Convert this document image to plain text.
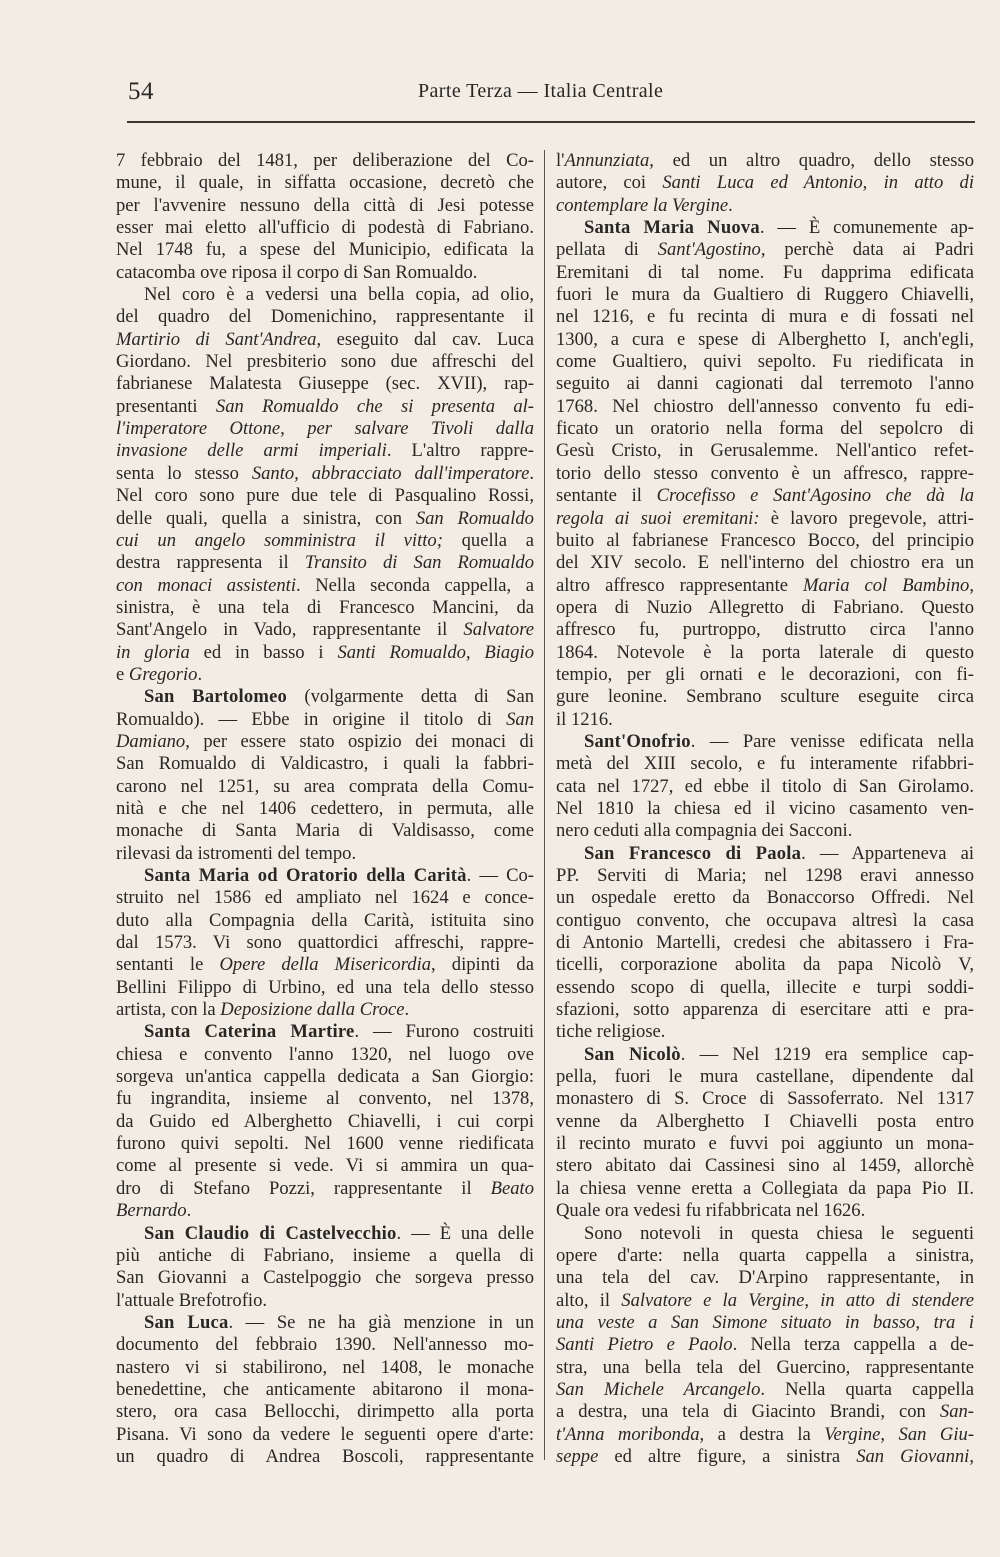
54	Parte Terza — Italia Centrale

7 febbraio del 1481, per deliberazione del Co-

mune, il quale, in siffatta occasione, decretò che

per l'avvenire nessuno della città di Jesi potesse

esser mai eletto all'ufficio di podestà di Fabriano.

Nel 1748 fu, a spese del Municipio, edificata la

catacomba ove riposa il corpo di San Romualdo.

Nel coro è a vedersi una bella copia, ad olio,

del quadro del Domenichino, rappresentante il

Martirio di Sant'Andrea, eseguito dal cav. Luca

Giordano. Nel presbiterio sono due affreschi del

fabrianese Malatesta Giuseppe (sec. XVII), rap-

presentanti San Romualdo che si presenta al-

l'imperatore Ottone, per salvare Tivoli dalla

invasione delle armi imperiali. L'altro rappre-

senta lo stesso Santo, abbracciato dall'imperatore.

Nel coro sono pure due tele di Pasqualino Rossi,

delle quali, quella a sinistra, con San Romualdo

cui un angelo somministra il vitto; quella a

destra rappresenta il Transito di San Romualdo

con monaci assistenti. Nella seconda cappella, a

sinistra, è una tela di Francesco Mancini, da

Sant'Angelo in Vado, rappresentante il Salvatore

in gloria ed in basso i Santi Romualdo, Biagio

e Gregorio.

San Bartolomeo (volgarmente detta di San

Romualdo). — Ebbe in origine il titolo di San

Damiano, per essere stato ospizio dei monaci di

San Romualdo di Valdicastro, i quali la fabbri-

carono nel 1251, su area comprata della Comu-

nità e che nel 1406 cedettero, in permuta, alle

monache di Santa Maria di Valdisasso, come

rilevasi da istromenti del tempo.

Santa Maria od Oratorio della Carità. — Co-

struito nel 1586 ed ampliato nel 1624 e conce-

duto alla Compagnia della Carità, istituita sino

dal 1573. Vi sono quattordici affreschi, rappre-

sentanti le Opere della Misericordia, dipinti da

Bellini Filippo di Urbino, ed una tela dello stesso

artista, con la Deposizione dalla Croce.

Santa Caterina Martire. — Furono costruiti

chiesa e convento l'anno 1320, nel luogo ove

sorgeva un'antica cappella dedicata a San Giorgio:

fu ingrandita, insieme al convento, nel 1378,

da Guido ed Alberghetto Chiavelli, i cui corpi

furono quivi sepolti. Nel 1600 venne riedificata

come al presente si vede. Vi si ammira un qua-

dro di Stefano Pozzi, rappresentante il Beato

Bernardo.

San Claudio di Castelvecchio. — È una delle

più antiche di Fabriano, insieme a quella di

San Giovanni a Castelpoggio che sorgeva presso

l'attuale Brefotrofio.

San Luca. — Se ne ha già menzione in un

documento del febbraio 1390. Nell'annesso mo-

nastero vi si stabilirono, nel 1408, le monache

benedettine, che anticamente abitarono il mona-

stero, ora casa Bellocchi, dirimpetto alla porta

Pisana. Vi sono da vedere le seguenti opere d'arte:

un quadro di Andrea Boscoli, rappresentante

l'Annunziata, ed un altro quadro, dello stesso

autore, coi Santi Luca ed Antonio, in atto di

contemplare la Vergine.

Santa Maria Nuova. — È comunemente ap-

pellata di Sant'Agostino, perchè data ai Padri

Eremitani di tal nome. Fu dapprima edificata

fuori le mura da Gualtiero di Ruggero Chiavelli,

nel 1216, e fu recinta di mura e di fossati nel

1300, a cura e spese di Alberghetto I, anch'egli,

come Gualtiero, quivi sepolto. Fu riedificata in

seguito ai danni cagionati dal terremoto l'anno

1768. Nel chiostro dell'annesso convento fu edi-

ficato un oratorio nella forma del sepolcro di

Gesù Cristo, in Gerusalemme. Nell'antico refet-

torio dello stesso convento è un affresco, rappre-

sentante il Crocefisso e Sant'Agosino che dà la

regola ai suoi eremitani: è lavoro pregevole, attri-

buito al fabrianese Francesco Bocco, del principio

del XIV secolo. E nell'interno del chiostro era un

altro affresco rappresentante Maria col Bambino,

opera di Nuzio Allegretto di Fabriano. Questo

affresco fu, purtroppo, distrutto circa l'anno

1864. Notevole è la porta laterale di questo

tempio, per gli ornati e le decorazioni, con fi-

gure leonine. Sembrano sculture eseguite circa

il 1216.

Sant'Onofrio. — Pare venisse edificata nella

metà del XIII secolo, e fu interamente rifabbri-

cata nel 1727, ed ebbe il titolo di San Girolamo.

Nel 1810 la chiesa ed il vicino casamento ven-

nero ceduti alla compagnia dei Sacconi.

San Francesco di Paola. — Apparteneva ai

PP. Serviti di Maria; nel 1298 eravi annesso

un ospedale eretto da Bonaccorso Offredi. Nel

contiguo convento, che occupava altresì la casa

di Antonio Martelli, credesi che abitassero i Fra-

ticelli, corporazione abolita da papa Nicolò V,

essendo scopo di quella, illecite e turpi soddi-

sfazioni, sotto apparenza di esercitare atti e pra-

tiche religiose.

San Nicolò. — Nel 1219 era semplice cap-

pella, fuori le mura castellane, dipendente dal

monastero di S. Croce di Sassoferrato. Nel 1317

venne da Alberghetto I Chiavelli posta entro

il recinto murato e fuvvi poi aggiunto un mona-

stero abitato dai Cassinesi sino al 1459, allorchè

la chiesa venne eretta a Collegiata da papa Pio II.

Quale ora vedesi fu rifabbricata nel 1626.

Sono notevoli in questa chiesa le seguenti

opere d'arte: nella quarta cappella a sinistra,

una tela del cav. D'Arpino rappresentante, in

alto, il Salvatore e la Vergine, in atto di stendere

una veste a San Simone situato in basso, tra i

Santi Pietro e Paolo. Nella terza cappella a de-

stra, una bella tela del Guercino, rappresentante

San Michele Arcangelo. Nella quarta cappella

a destra, una tela di Giacinto Brandi, con San-

t'Anna moribonda, a destra la Vergine, San Giu-

seppe ed altre figure, a sinistra San Giovanni,
